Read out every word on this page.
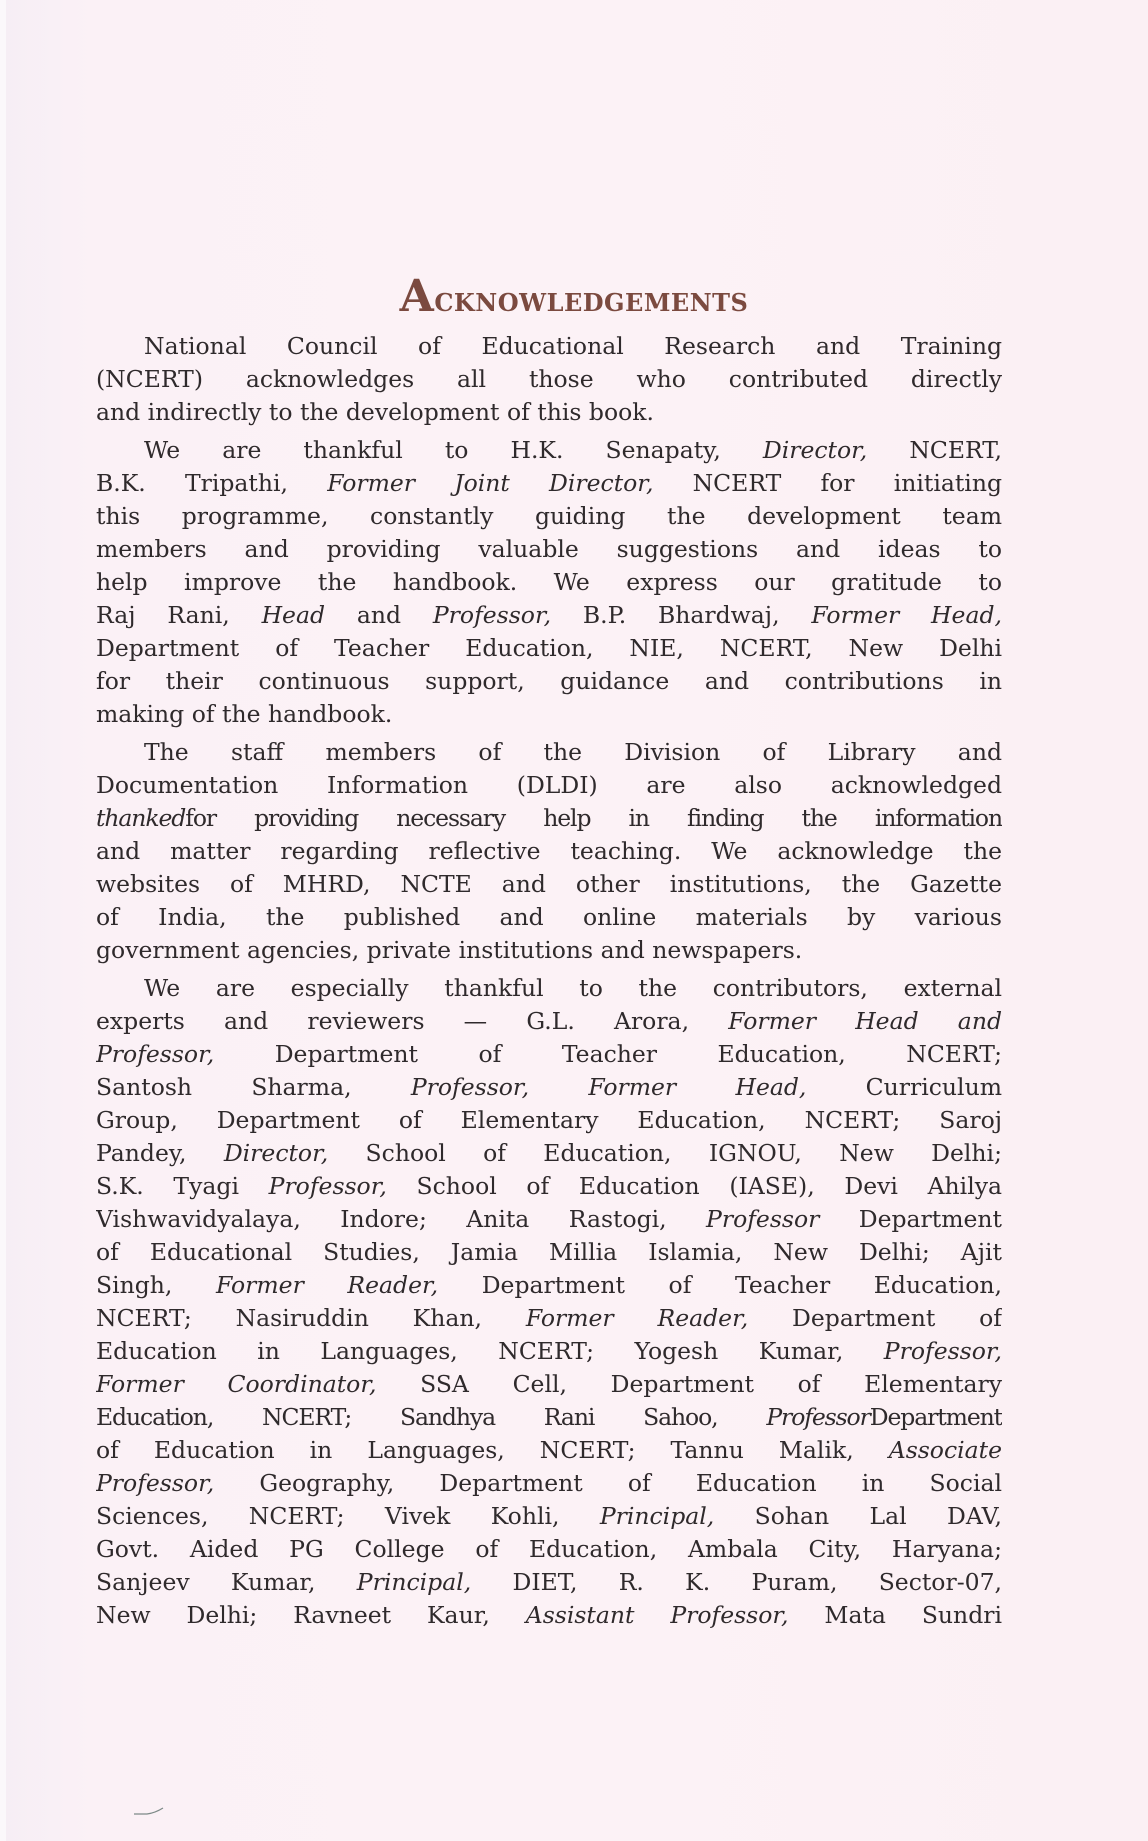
Acknowledgements
National Council of Educational Research and Training
(NCERT) acknowledges all those who contributed directly
and indirectly to the development of this book.
We are thankful to H.K. Senapaty, Director, NCERT,
B.K. Tripathi, Former Joint Director, NCERT for initiating
this programme, constantly guiding the development team
members and providing valuable suggestions and ideas to
help improve the handbook. We express our gratitude to
Raj Rani, Head and Professor, B.P. Bhardwaj, Former Head,
Department of Teacher Education, NIE, NCERT, New Delhi
for their continuous support, guidance and contributions in
making of the handbook.
The staff members of the Division of Library and
Documentation Information (DLDI) are also acknowledged
thankedfor providing necessary help in finding the information
and matter regarding reflective teaching. We acknowledge the
websites of MHRD, NCTE and other institutions, the Gazette
of India, the published and online materials by various
government agencies, private institutions and newspapers.
We are especially thankful to the contributors, external
experts and reviewers — G.L. Arora, Former Head and
Professor, Department of Teacher Education, NCERT;
Santosh Sharma, Professor, Former Head, Curriculum
Group, Department of Elementary Education, NCERT; Saroj
Pandey, Director, School of Education, IGNOU, New Delhi;
S.K. Tyagi Professor, School of Education (IASE), Devi Ahilya
Vishwavidyalaya, Indore; Anita Rastogi, Professor Department
of Educational Studies, Jamia Millia Islamia, New Delhi; Ajit
Singh, Former Reader, Department of Teacher Education,
NCERT; Nasiruddin Khan, Former Reader, Department of
Education in Languages, NCERT; Yogesh Kumar, Professor,
Former Coordinator, SSA Cell, Department of Elementary
Education, NCERT; Sandhya Rani Sahoo, ProfessorDepartment
of Education in Languages, NCERT; Tannu Malik, Associate
Professor, Geography, Department of Education in Social
Sciences, NCERT; Vivek Kohli, Principal, Sohan Lal DAV,
Govt. Aided PG College of Education, Ambala City, Haryana;
Sanjeev Kumar, Principal, DIET, R. K. Puram, Sector-07,
New Delhi; Ravneet Kaur, Assistant Professor, Mata Sundri
